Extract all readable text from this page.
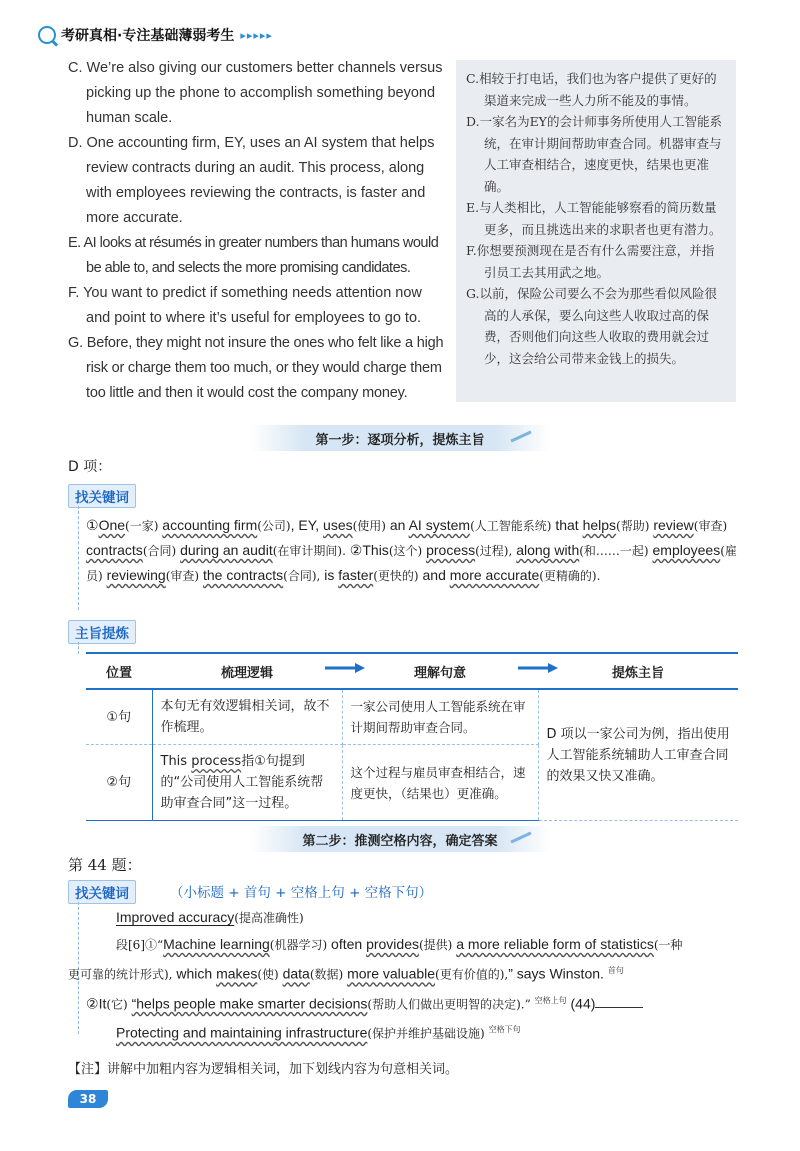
考研真相·专注基础薄弱考生 ▸▸▸▸▸

C. We’re also giving our customers better channels versus picking up the phone to accomplish something beyond human scale.

D. One accounting firm, EY, uses an AI system that helps review contracts during an audit. This process, along with employees reviewing the contracts, is faster and more accurate.

E. AI looks at résumés in greater numbers than humans would be able to, and selects the more promising candidates.

F. You want to predict if something needs attention now and point to where it’s useful for employees to go to.

G. Before, they might not insure the ones who felt like a high risk or charge them too much, or they would charge them too little and then it would cost the company money.

C.相较于打电话，我们也为客户提供了更好的渠道来完成一些人力所不能及的事情。

D.一家名为EY的会计师事务所使用人工智能系统，在审计期间帮助审查合同。机器审查与人工审查相结合，速度更快，结果也更准确。

E.与人类相比，人工智能能够察看的简历数量更多，而且挑选出来的求职者也更有潜力。

F.你想要预测现在是否有什么需要注意，并指引员工去其用武之地。

G.以前，保险公司要么不会为那些看似风险很高的人承保，要么向这些人收取过高的保费，否则他们向这些人收取的费用就会过少，这会给公司带来金钱上的损失。

第一步：逐项分析，提炼主旨
D 项：
找关键词
①One(一家) accounting firm(公司), EY, uses(使用) an AI system(人工智能系统) that helps(帮助) review(审查) contracts(合同) during an audit(在审计期间). ②This(这个) process(过程), along with(和……一起) employees(雇员) reviewing(审查) the contracts(合同), is faster(更快的) and more accurate(更精确的).
主旨提炼
位置	梳理逻辑	理解句意	提炼主旨
①句	本句无有效逻辑相关词，故不作梳理。	一家公司使用人工智能系统在审计期间帮助审查合同。	D 项以一家公司为例，指出使用人工智能系统辅助人工审查合同的效果又快又准确。
②句	This process指①句提到的“公司使用人工智能系统帮助审查合同”这一过程。	这个过程与雇员审查相结合，速度更快，（结果也）更准确。	
第二步：推测空格内容，确定答案
第 44 题：
找关键词	（小标题 + 首句 + 空格上句 + 空格下句）
Improved accuracy(提高准确性)
段[6]①“Machine learning(机器学习) often provides(提供) a more reliable form of statistics(一种
更可靠的统计形式), which makes(使) data(数据) more valuable(更有价值的),” says Winston. $^{首句}$
②It(它) “helps people make smarter decisions(帮助人们做出更明智的决定).” $^{空格上句}$ (44)
Protecting and maintaining infrastructure(保护并维护基础设施) $^{空格下句}$
【注】讲解中加粗内容为逻辑相关词，加下划线内容为句意相关词。
38
